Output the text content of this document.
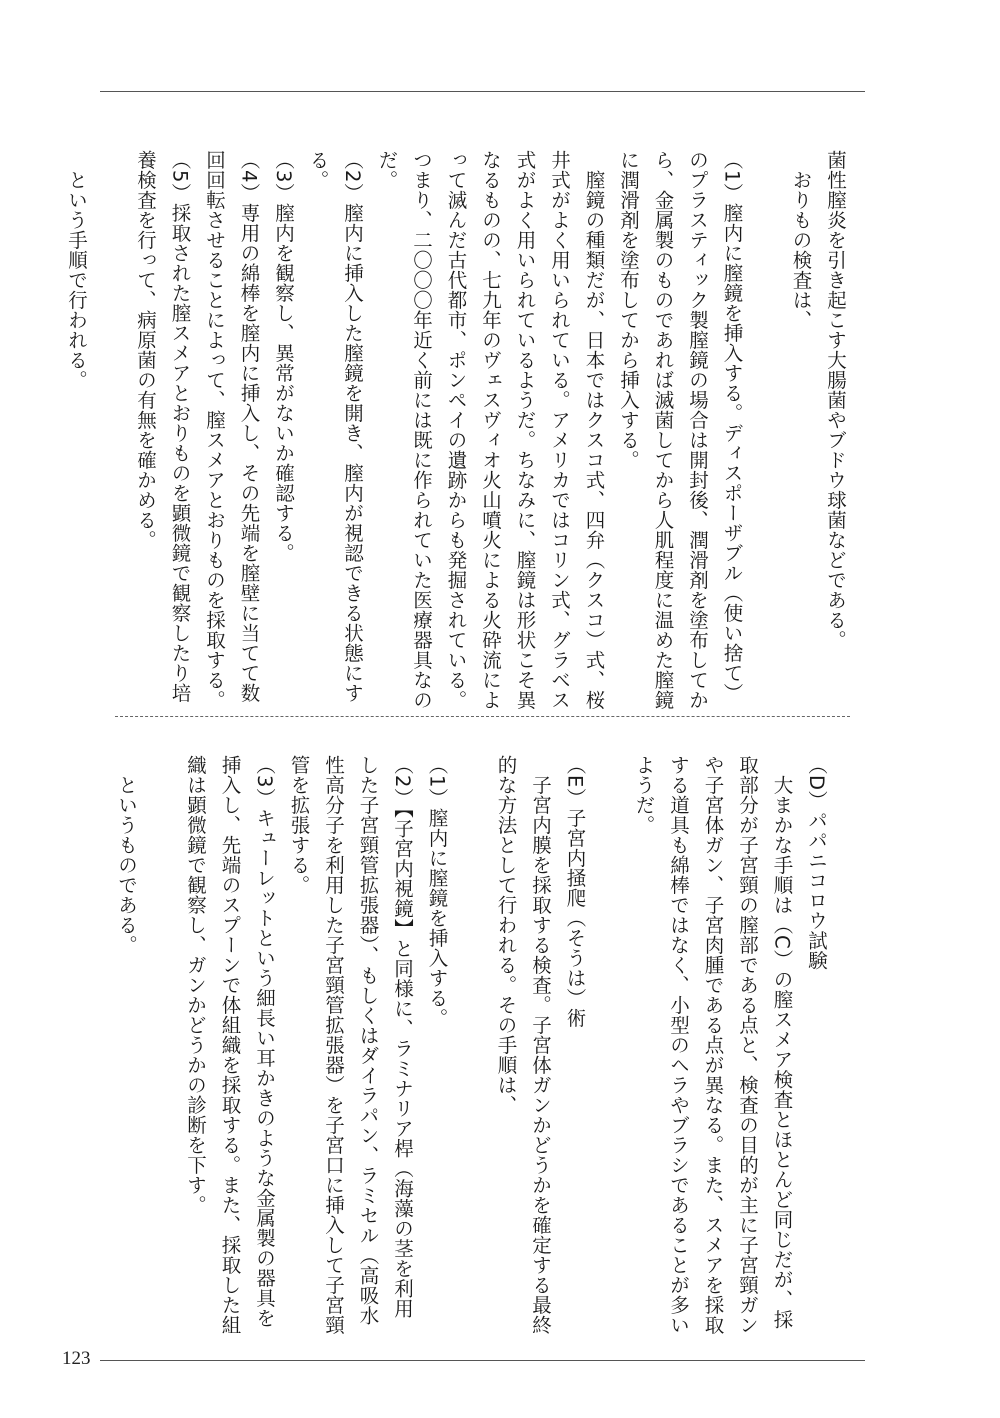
菌性膣炎を引き起こす大腸菌やブドウ球菌などである。

おりもの検査は、

（1）膣内に膣鏡を挿入する。ディスポーザブル（使い捨て）のプラスティック製膣鏡の場合は開封後、潤滑剤を塗布してから、金属製のものであれば滅菌してから人肌程度に温めた膣鏡に潤滑剤を塗布してから挿入する。

膣鏡の種類だが、日本ではクスコ式、四弁（クスコ）式、桜井式がよく用いられている。アメリカではコリン式、グラベス式がよく用いられているようだ。ちなみに、膣鏡は形状こそ異なるものの、七九年のヴェスヴィオ火山噴火による火砕流によって滅んだ古代都市、ポンペイの遺跡からも発掘されている。つまり、二〇〇〇年近く前には既に作られていた医療器具なのだ。

（2）膣内に挿入した膣鏡を開き、膣内が視認できる状態にする。

（3）膣内を観察し、異常がないか確認する。

（4）専用の綿棒を膣内に挿入し、その先端を膣壁に当てて数回回転させることによって、膣スメアとおりものを採取する。

（5）採取された膣スメアとおりものを顕微鏡で観察したり培養検査を行って、病原菌の有無を確かめる。

という手順で行われる。

（D）パパニコロウ試験

大まかな手順は（C）の膣スメア検査とほとんど同じだが、採取部分が子宮頸の膣部である点と、検査の目的が主に子宮頸ガンや子宮体ガン、子宮肉腫である点が異なる。また、スメアを採取する道具も綿棒ではなく、小型のヘラやブラシであることが多いようだ。

（E）子宮内掻爬（そうは）術

子宮内膜を採取する検査。子宮体ガンかどうかを確定する最終的な方法として行われる。その手順は、

（1）膣内に膣鏡を挿入する。

（2）【子宮内視鏡】と同様に、ラミナリア桿（海藻の茎を利用した子宮頸管拡張器）、もしくはダイラパン、ラミセル（高吸水性高分子を利用した子宮頸管拡張器）を子宮口に挿入して子宮頸管を拡張する。

（3）キューレットという細長い耳かきのような金属製の器具を挿入し、先端のスプーンで体組織を採取する。また、採取した組織は顕微鏡で観察し、ガンかどうかの診断を下す。

というものである。

123
